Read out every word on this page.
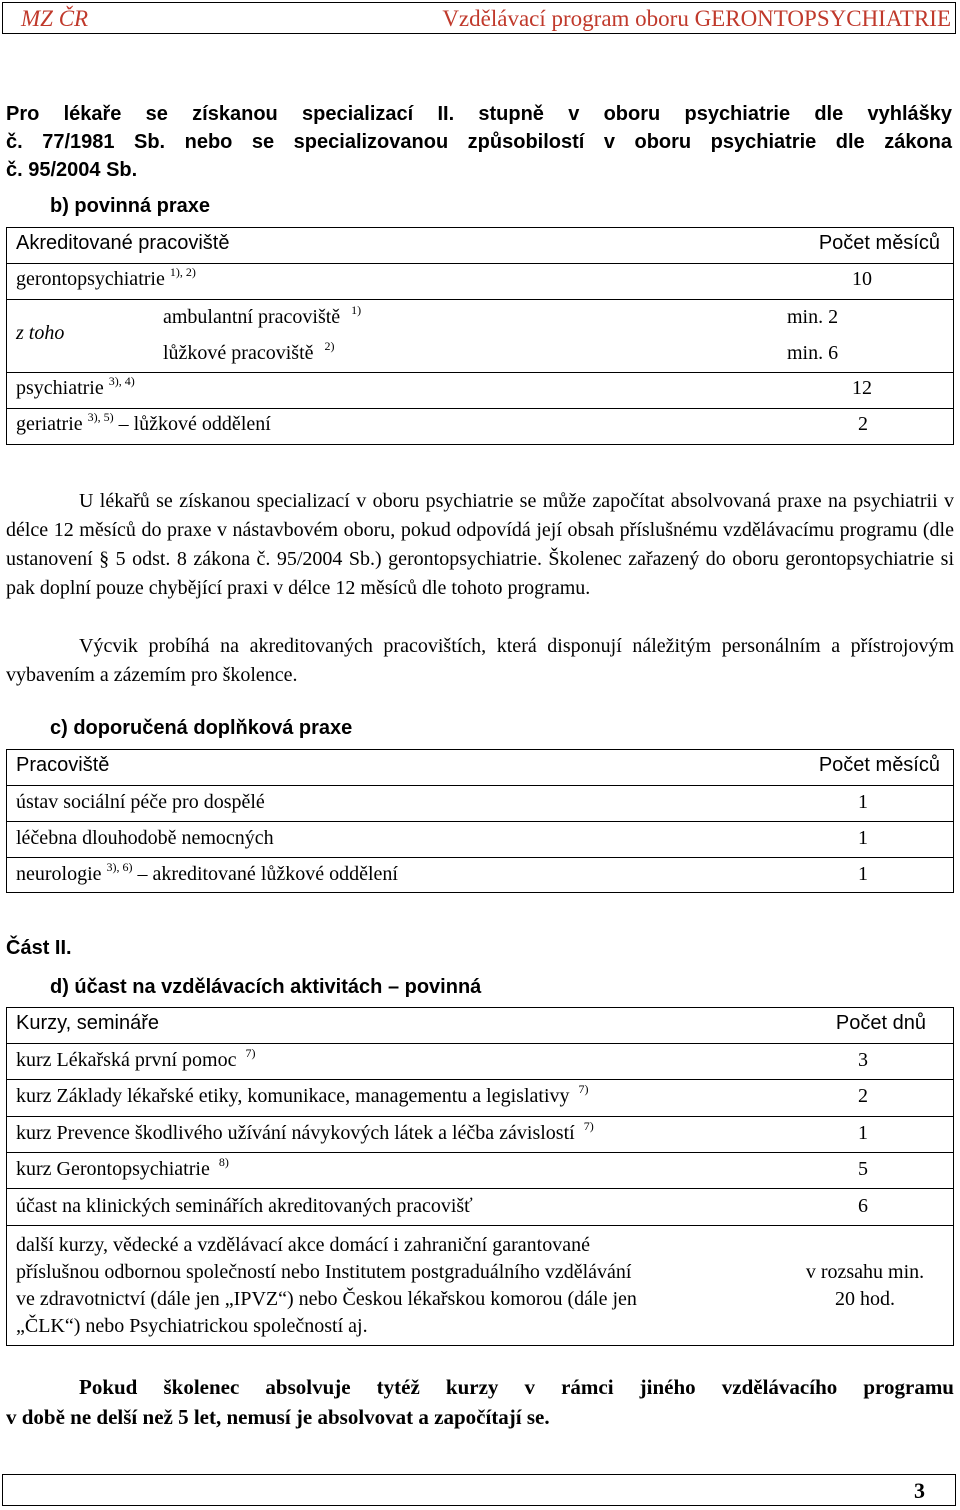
MZ ČR	Vzdělávací program oboru GERONTOPSYCHIATRIE
Pro lékaře se získanou specializací II. stupně v oboru psychiatrie dle vyhlášky
č. 77/1981 Sb. nebo se specializovanou způsobilostí v oboru psychiatrie dle zákona
č. 95/2004 Sb.
b) povinná praxe
Akreditované pracoviště	Počet měsíců
gerontopsychiatrie $^{1), 2)}$	10
z toho
ambulantní pracoviště $^{1)}$	min. 2
lůžkové pracoviště $^{2)}$	min. 6
psychiatrie $^{3), 4)}$	12
geriatrie $^{3), 5)}$ – lůžkové oddělení	2
U lékařů se získanou specializací v oboru psychiatrie se může započítat absolvovaná praxe na psychiatrii v délce 12 měsíců do praxe v nástavbovém oboru, pokud odpovídá její obsah příslušnému vzdělávacímu programu (dle ustanovení § 5 odst. 8 zákona č. 95/2004 Sb.) gerontopsychiatrie. Školenec zařazený do oboru gerontopsychiatrie si pak doplní pouze chybějící praxi v délce 12 měsíců dle tohoto programu.
Výcvik probíhá na akreditovaných pracovištích, která disponují náležitým personálním a přístrojovým vybavením a zázemím pro školence.
c) doporučená doplňková praxe
Pracoviště	Počet měsíců
ústav sociální péče pro dospělé	1
léčebna dlouhodobě nemocných	1
neurologie $^{3), 6)}$ – akreditované lůžkové oddělení	1
Část II.
d) účast na vzdělávacích aktivitách – povinná
Kurzy, semináře	Počet dnů
kurz Lékařská první pomoc $^{7)}$	3
kurz Základy lékařské etiky, komunikace, managementu a legislativy $^{7)}$	2
kurz Prevence škodlivého užívání návykových látek a léčba závislostí $^{7)}$	1
kurz Gerontopsychiatrie $^{8)}$	5
účast na klinických seminářích akreditovaných pracovišť	6
další kurzy, vědecké a vzdělávací akce domácí i zahraniční garantované
příslušnou odbornou společností nebo Institutem postgraduálního vzdělávání
ve zdravotnictví (dále jen „IPVZ“) nebo Českou lékařskou komorou (dále jen
„ČLK“) nebo Psychiatrickou společností aj.
v rozsahu min.
20 hod.
Pokud školenec absolvuje tytéž kurzy v rámci jiného vzdělávacího programu
v době ne delší než 5 let, nemusí je absolvovat a započítají se.
3
